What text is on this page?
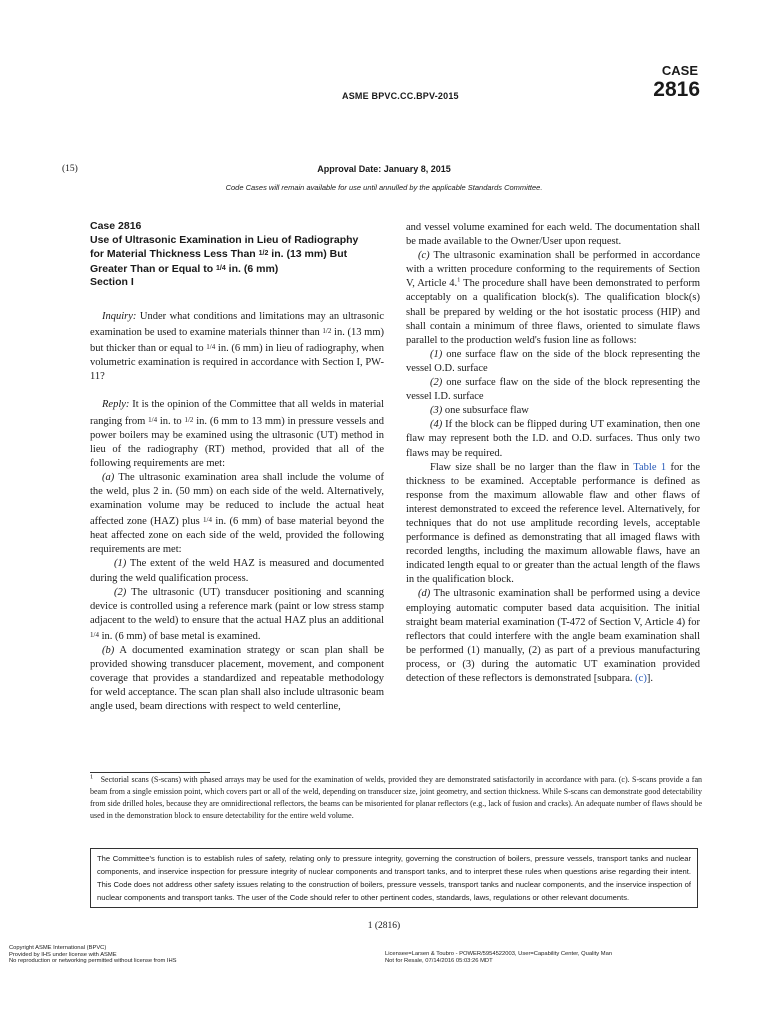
CASE
2816
ASME BPVC.CC.BPV-2015
(15)	Approval Date: January 8, 2015
Code Cases will remain available for use until annulled by the applicable Standards Committee.
Case 2816
Use of Ultrasonic Examination in Lieu of Radiography
for Material Thickness Less Than 1/2 in. (13 mm) But
Greater Than or Equal to 1/4 in. (6 mm)
Section I

Inquiry: Under what conditions and limitations may an ultrasonic examination be used to examine materials thinner than 1/2 in. (13 mm) but thicker than or equal to 1/4 in. (6 mm) in lieu of radiography, when volumetric examination is required in accordance with Section I, PW-11?

Reply: It is the opinion of the Committee that all welds in material ranging from 1/4 in. to 1/2 in. (6 mm to 13 mm) in pressure vessels and power boilers may be examined using the ultrasonic (UT) method in lieu of the radiography (RT) method, provided that all of the following requirements are met:

(a) The ultrasonic examination area shall include the volume of the weld, plus 2 in. (50 mm) on each side of the weld. Alternatively, examination volume may be reduced to include the actual heat affected zone (HAZ) plus 1/4 in. (6 mm) of base material beyond the heat affected zone on each side of the weld, provided the following requirements are met:

(1) The extent of the weld HAZ is measured and documented during the weld qualification process.

(2) The ultrasonic (UT) transducer positioning and scanning device is controlled using a reference mark (paint or low stress stamp adjacent to the weld) to ensure that the actual HAZ plus an additional 1/4 in. (6 mm) of base metal is examined.

(b) A documented examination strategy or scan plan shall be provided showing transducer placement, movement, and component coverage that provides a standardized and repeatable methodology for weld acceptance. The scan plan shall also include ultrasonic beam angle used, beam directions with respect to weld centerline,

and vessel volume examined for each weld. The documentation shall be made available to the Owner/User upon request.

(c) The ultrasonic examination shall be performed in accordance with a written procedure conforming to the requirements of Section V, Article 4.$^1$ The procedure shall have been demonstrated to perform acceptably on a qualification block(s). The qualification block(s) shall be prepared by welding or the hot isostatic process (HIP) and shall contain a minimum of three flaws, oriented to simulate flaws parallel to the production weld's fusion line as follows:

(1) one surface flaw on the side of the block representing the vessel O.D. surface

(2) one surface flaw on the side of the block representing the vessel I.D. surface

(3) one subsurface flaw

(4) If the block can be flipped during UT examination, then one flaw may represent both the I.D. and O.D. surfaces. Thus only two flaws may be required.

Flaw size shall be no larger than the flaw in Table 1 for the thickness to be examined. Acceptable performance is defined as response from the maximum allowable flaw and other flaws of interest demonstrated to exceed the reference level. Alternatively, for techniques that do not use amplitude recording levels, acceptable performance is defined as demonstrating that all imaged flaws with recorded lengths, including the maximum allowable flaws, have an indicated length equal to or greater than the actual length of the flaws in the qualification block.

(d) The ultrasonic examination shall be performed using a device employing automatic computer based data acquisition. The initial straight beam material examination (T-472 of Section V, Article 4) for reflectors that could interfere with the angle beam examination shall be performed (1) manually, (2) as part of a previous manufacturing process, or (3) during the automatic UT examination provided detection of these reflectors is demonstrated [subpara. (c)].

$^1$ Sectorial scans (S-scans) with phased arrays may be used for the examination of welds, provided they are demonstrated satisfactorily in accordance with para. (c). S-scans provide a fan beam from a single emission point, which covers part or all of the weld, depending on transducer size, joint geometry, and section thickness. While S-scans can demonstrate good detectability from side drilled holes, because they are omnidirectional reflectors, the beams can be misoriented for planar reflectors (e.g., lack of fusion and cracks). An adequate number of flaws should be used in the demonstration block to ensure detectability for the entire weld volume.
The Committee's function is to establish rules of safety, relating only to pressure integrity, governing the construction of boilers, pressure vessels, transport tanks and nuclear components, and inservice inspection for pressure integrity of nuclear components and transport tanks, and to interpret these rules when questions arise regarding their intent. This Code does not address other safety issues relating to the construction of boilers, pressure vessels, transport tanks and nuclear components, and the inservice inspection of nuclear components and transport tanks. The user of the Code should refer to other pertinent codes, standards, laws, regulations or other relevant documents.
1 (2816)
Copyright ASME International (BPVC)
Provided by IHS under license with ASME
No reproduction or networking permitted without license from IHS
Licensee=Larsen & Toubro - POWER/5954522003, User=Capability Center, Quality Man
Not for Resale, 07/14/2016 05:03:26 MDT
